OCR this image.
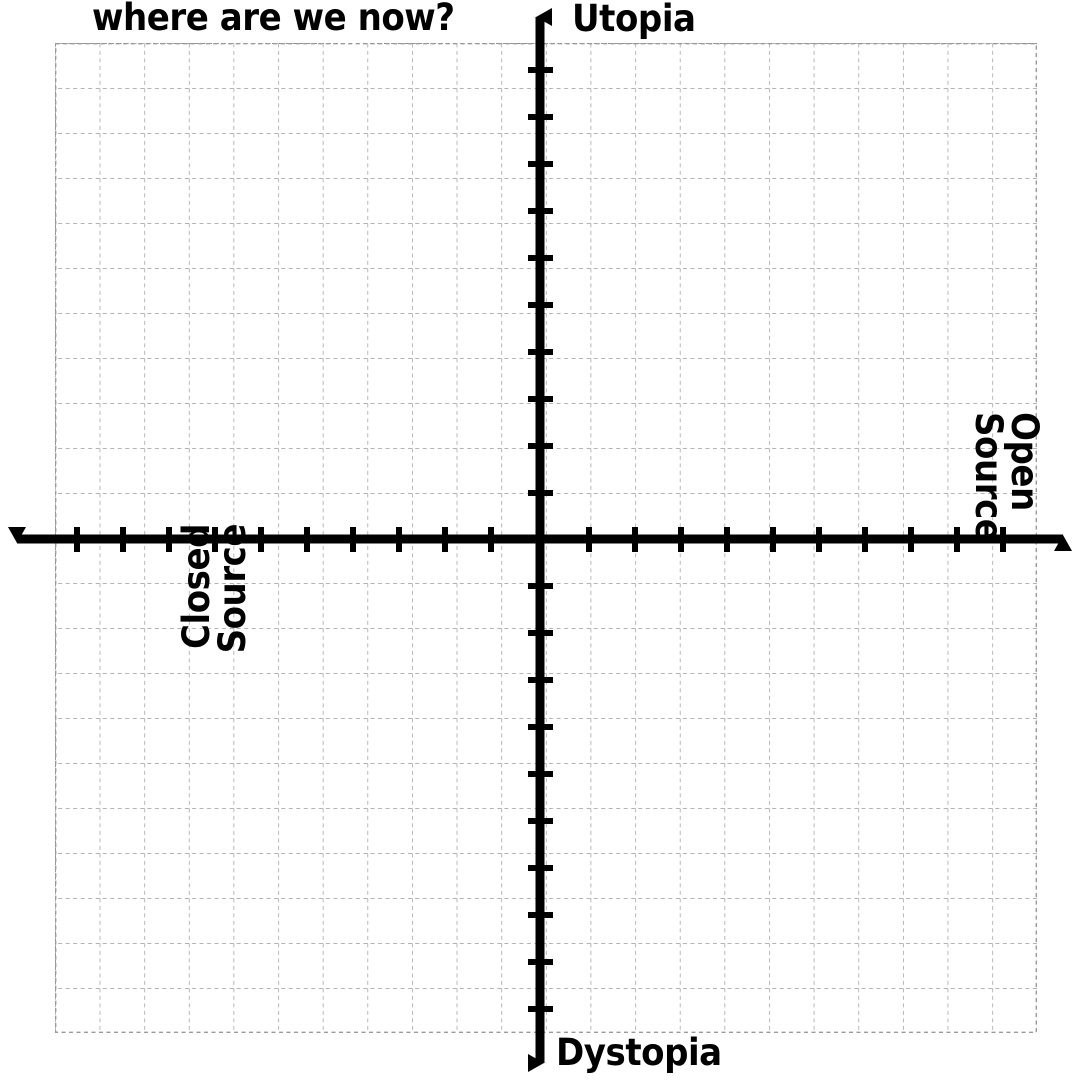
where are we now?	Utopia
Dystopia
Closed
Source
Open
Source
